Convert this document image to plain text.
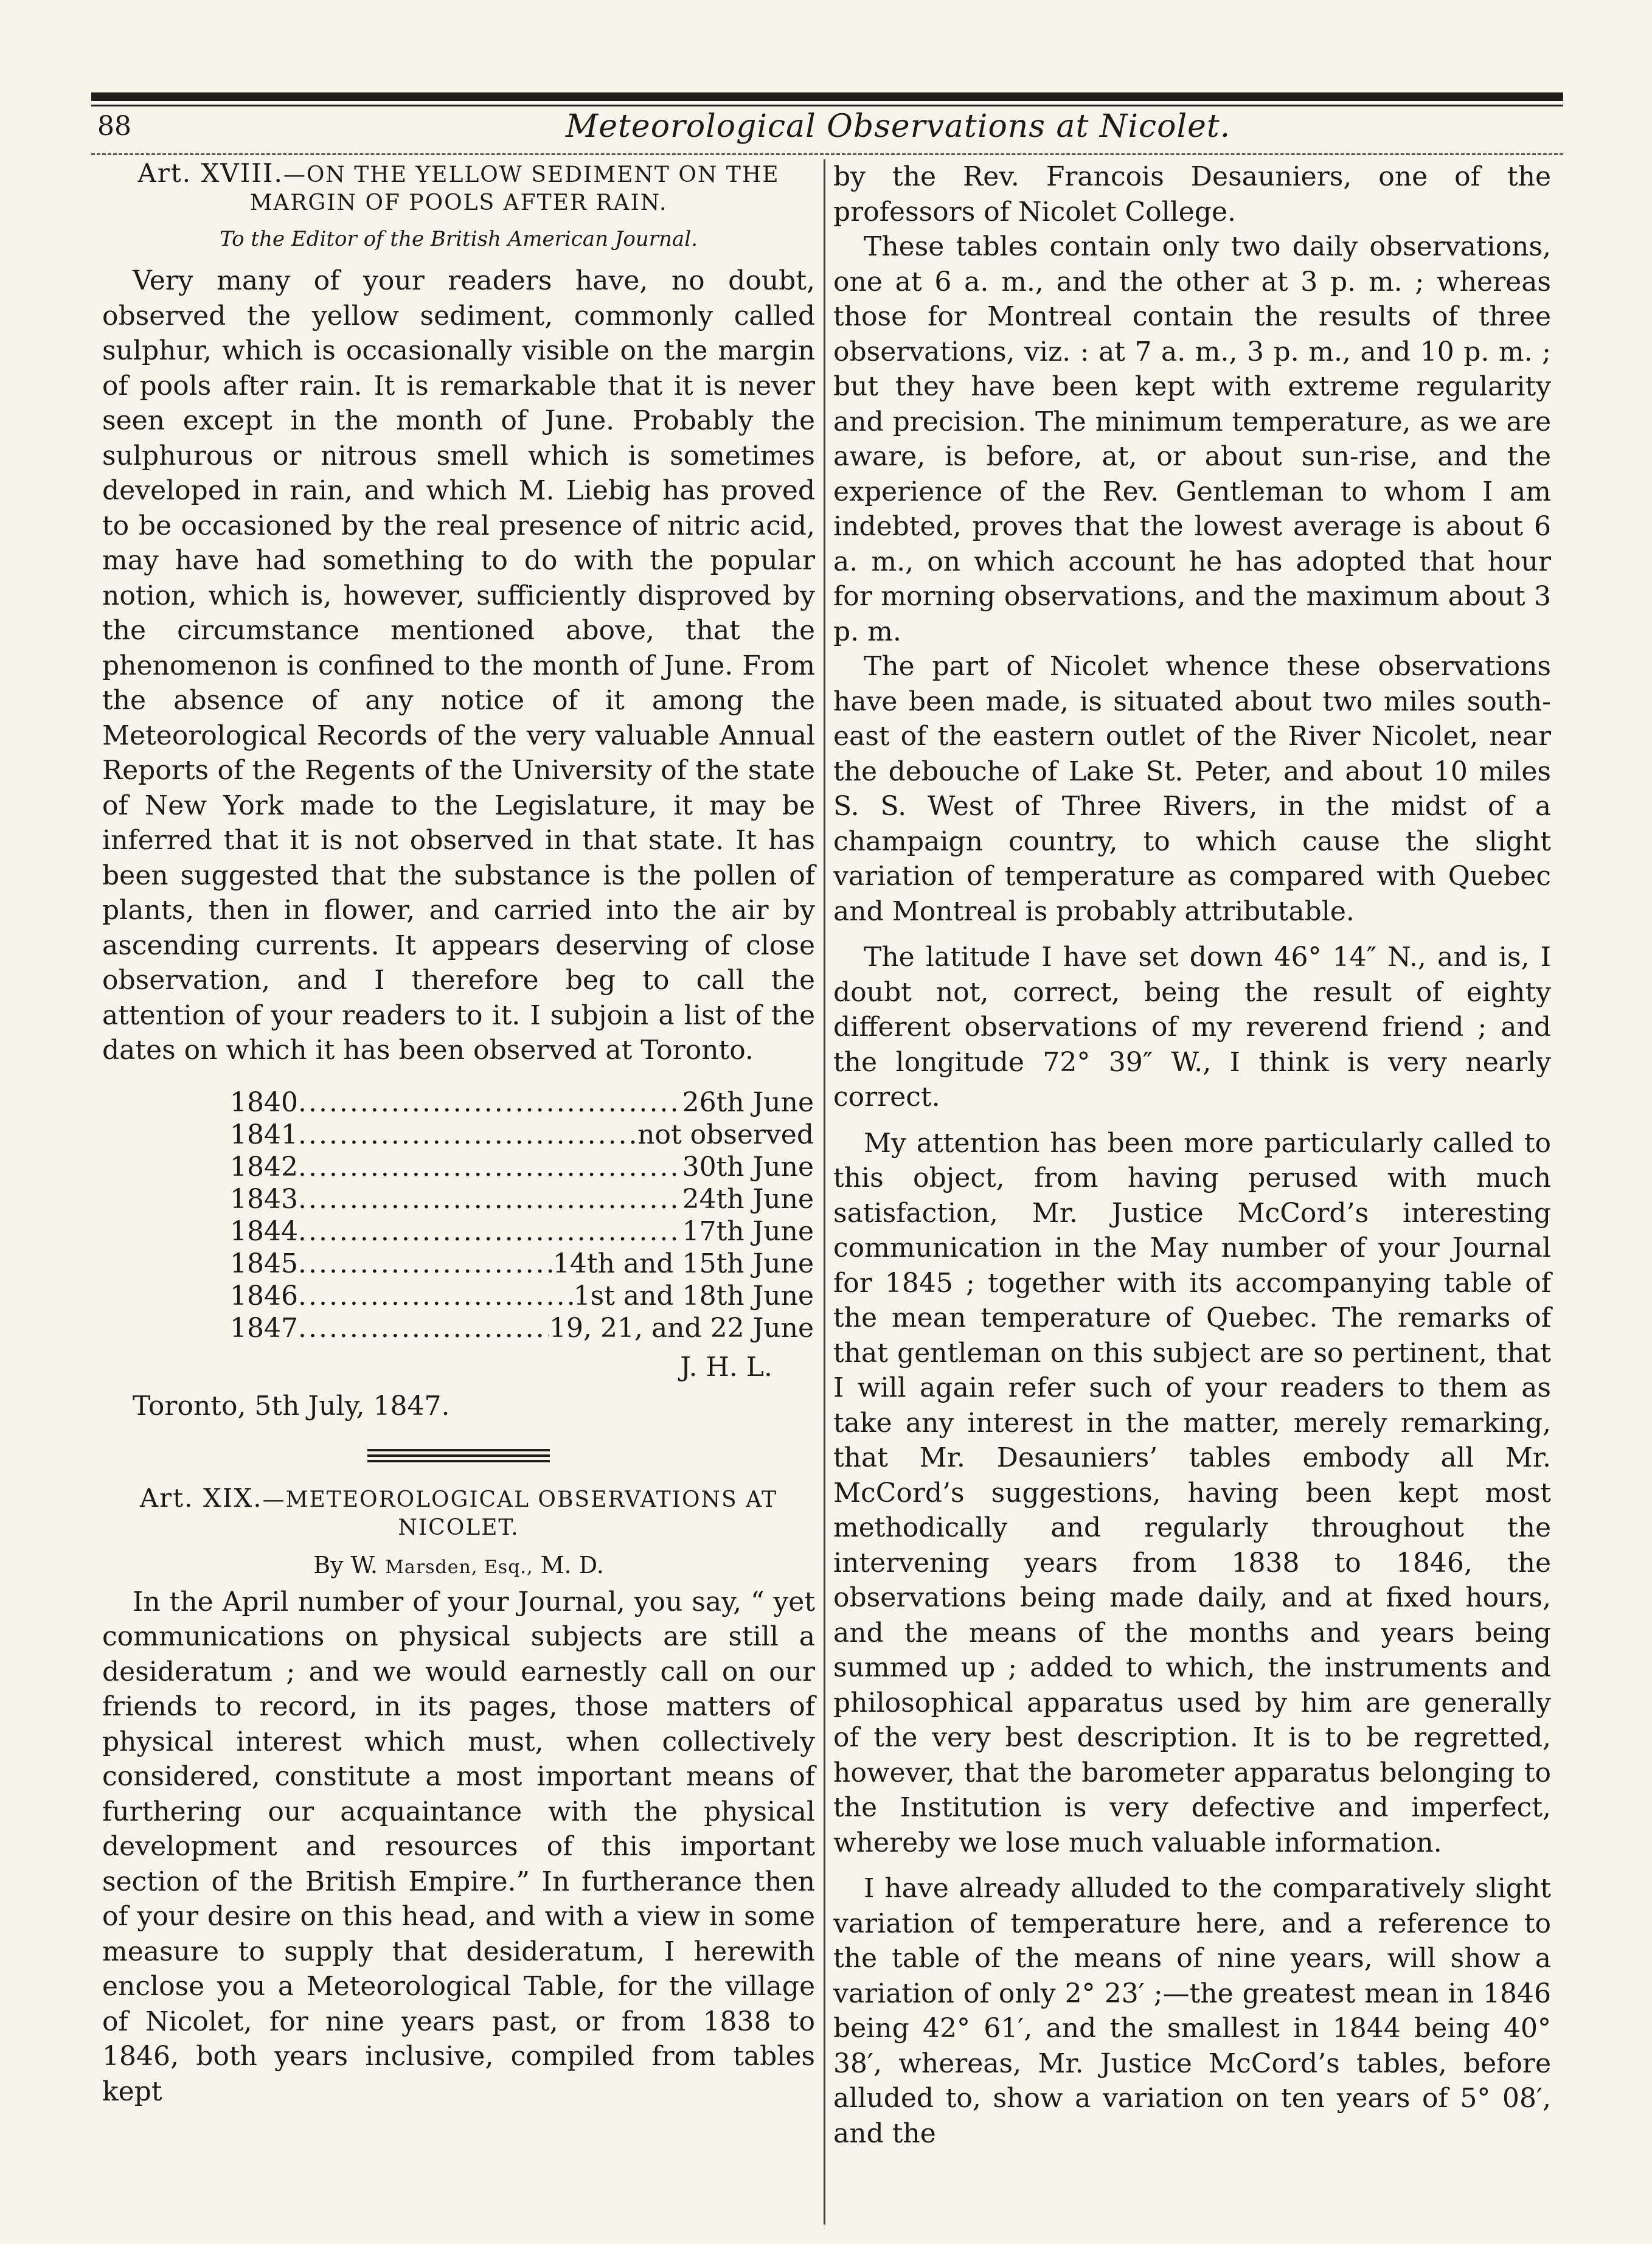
88	Meteorological Observations at Nicolet.
Art. XVIII.—ON THE YELLOW SEDIMENT ON THE MARGIN OF POOLS AFTER RAIN.
To the Editor of the British American Journal.

Very many of your readers have, no doubt, observed the yellow sediment, commonly called sulphur, which is occasionally visible on the margin of pools after rain. It is remarkable that it is never seen except in the month of June. Probably the sulphurous or nitrous smell which is sometimes developed in rain, and which M. Liebig has proved to be occasioned by the real presence of nitric acid, may have had something to do with the popular notion, which is, however, sufficiently disproved by the circumstance mentioned above, that the phenomenon is confined to the month of June. From the absence of any notice of it among the Meteorological Records of the very valuable Annual Reports of the Regents of the University of the state of New York made to the Legislature, it may be inferred that it is not observed in that state. It has been suggested that the substance is the pollen of plants, then in flower, and carried into the air by ascending currents. It appears deserving of close observation, and I therefore beg to call the attention of your readers to it. I subjoin a list of the dates on which it has been observed at Toronto.

1840 .....	26th June
1841 .....	not observed
1842 .....	30th June
1843 .....	24th June
1844 .....	17th June
1845 .....	14th and 15th June
1846 .....	1st and 18th June
1847 .....	19, 21, and 22 June
J. H. L.
Toronto, 5th July, 1847.
Art. XIX.—METEOROLOGICAL OBSERVATIONS AT NICOLET.
By W. Marsden, Esq., M. D.

In the April number of your Journal, you say, “ yet communications on physical subjects are still a desideratum ; and we would earnestly call on our friends to record, in its pages, those matters of physical interest which must, when collectively considered, constitute a most important means of furthering our acquaintance with the physical development and resources of this important section of the British Empire.” In furtherance then of your desire on this head, and with a view in some measure to supply that desideratum, I herewith enclose you a Meteorological Table, for the village of Nicolet, for nine years past, or from 1838 to 1846, both years inclusive, compiled from tables kept

by the Rev. Francois Desauniers, one of the professors of Nicolet College.

These tables contain only two daily observations, one at 6 a. m., and the other at 3 p. m. ; whereas those for Montreal contain the results of three observations, viz. : at 7 a. m., 3 p. m., and 10 p. m. ; but they have been kept with extreme regularity and precision. The minimum temperature, as we are aware, is before, at, or about sun-rise, and the experience of the Rev. Gentleman to whom I am indebted, proves that the lowest average is about 6 a. m., on which account he has adopted that hour for morning observations, and the maximum about 3 p. m.

The part of Nicolet whence these observations have been made, is situated about two miles south-east of the eastern outlet of the River Nicolet, near the debouche of Lake St. Peter, and about 10 miles S. S. West of Three Rivers, in the midst of a champaign country, to which cause the slight variation of temperature as compared with Quebec and Montreal is probably attributable.

The latitude I have set down 46° 14″ N., and is, I doubt not, correct, being the result of eighty different observations of my reverend friend ; and the longitude 72° 39″ W., I think is very nearly correct.

My attention has been more particularly called to this object, from having perused with much satisfaction, Mr. Justice McCord’s interesting communication in the May number of your Journal for 1845 ; together with its accompanying table of the mean temperature of Quebec. The remarks of that gentleman on this subject are so pertinent, that I will again refer such of your readers to them as take any interest in the matter, merely remarking, that Mr. Desauniers’ tables embody all Mr. McCord’s suggestions, having been kept most methodically and regularly throughout the intervening years from 1838 to 1846, the observations being made daily, and at fixed hours, and the means of the months and years being summed up ; added to which, the instruments and philosophical apparatus used by him are generally of the very best description. It is to be regretted, however, that the barometer apparatus belonging to the Institution is very defective and imperfect, whereby we lose much valuable information.

I have already alluded to the comparatively slight variation of temperature here, and a reference to the table of the means of nine years, will show a variation of only 2° 23′ ;—the greatest mean in 1846 being 42° 61′, and the smallest in 1844 being 40° 38′, whereas, Mr. Justice McCord’s tables, before alluded to, show a variation on ten years of 5° 08′, and the
